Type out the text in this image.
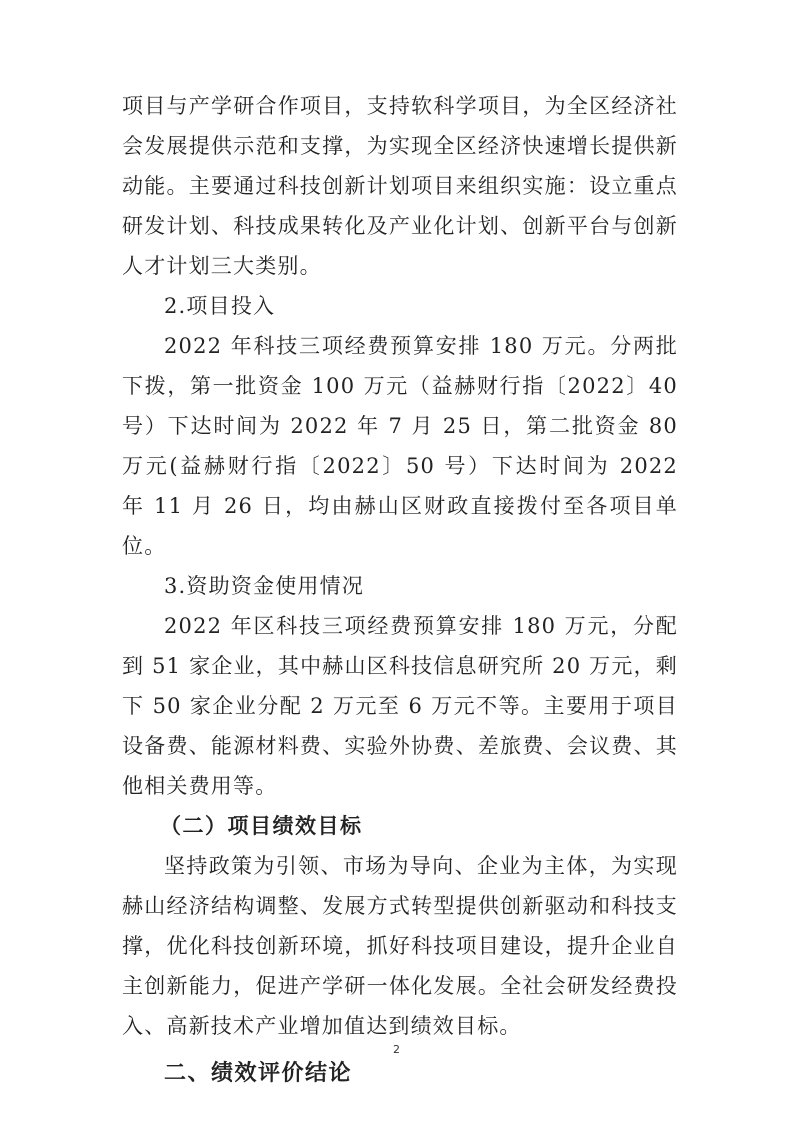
项目与产学研合作项目，支持软科学项目，为全区经济社会发展提供示范和支撑，为实现全区经济快速增长提供新动能。主要通过科技创新计划项目来组织实施：设立重点研发计划、科技成果转化及产业化计划、创新平台与创新人才计划三大类别。

2.项目投入

2022 年科技三项经费预算安排 180 万元。分两批下拨，第一批资金 100 万元（益赫财行指〔2022〕40 号）下达时间为 2022 年 7 月 25 日，第二批资金 80 万元(益赫财行指〔2022〕50 号）下达时间为 2022 年 11 月 26 日，均由赫山区财政直接拨付至各项目单位。

3.资助资金使用情况

2022 年区科技三项经费预算安排 180 万元，分配到 51 家企业，其中赫山区科技信息研究所 20 万元，剩下 50 家企业分配 2 万元至 6 万元不等。主要用于项目设备费、能源材料费、实验外协费、差旅费、会议费、其他相关费用等。

（二）项目绩效目标

坚持政策为引领、市场为导向、企业为主体，为实现赫山经济结构调整、发展方式转型提供创新驱动和科技支撑，优化科技创新环境，抓好科技项目建设，提升企业自主创新能力，促进产学研一体化发展。全社会研发经费投入、高新技术产业增加值达到绩效目标。

二、绩效评价结论

2
